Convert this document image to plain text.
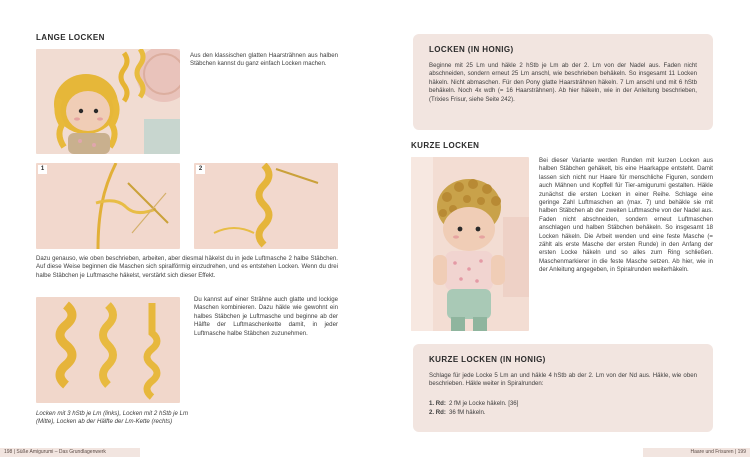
LANGE LOCKEN
Aus den klassischen glatten Haarsträhnen aus halben Stäbchen kannst du ganz einfach Locken machen.
1	2
Dazu genauso, wie oben beschrieben, arbeiten, aber diesmal häkelst du in jede Luftmasche 2 halbe Stäbchen. Auf diese Weise beginnen die Maschen sich spiralförmig einzudrehen, und es entstehen Locken. Wenn du drei halbe Stäbchen je Luftmasche häkelst, verstärkt sich dieser Effekt.
Du kannst auf einer Strähne auch glatte und lockige Maschen kombinieren. Dazu häkle wie gewohnt ein halbes Stäbchen je Luftmasche und beginne ab der Hälfte der Luftmaschenkette damit, in jeder Luftmasche halbe Stäbchen zuzunehmen.
Locken mit 3 hStb je Lm (links), Locken mit 2 hStb je Lm (Mitte), Locken ab der Hälfte der Lm-Kette (rechts)
198 | Süße Amigurumi – Das Grundlagenwerk
LOCKEN (IN HONIG)
Beginne mit 25 Lm und häkle 2 hStb je Lm ab der 2. Lm von der Nadel aus. Faden nicht abschneiden, sondern erneut 25 Lm anschl, wie beschrieben behäkeln. So insgesamt 11 Locken häkeln. Nicht abmaschen. Für den Pony glatte Haarsträhnen häkeln. 7 Lm anschl und mit 6 hStb behäkeln. Noch 4x wdh (= 16 Haarsträhnen). Ab hier häkeln, wie in der Anleitung beschrieben, (Trixies Frisur, siehe Seite 242).
KURZE LOCKEN
Bei dieser Variante werden Runden mit kurzen Locken aus halben Stäbchen gehäkelt, bis eine Haarkappe entsteht. Damit lassen sich nicht nur Haare für menschliche Figuren, sondern auch Mähnen und Kopffell für Tier-amigurumi gestalten. Häkle zunächst die ersten Locken in einer Reihe. Schlage eine geringe Zahl Luftmaschen an (max. 7) und behäkle sie mit halben Stäbchen ab der zweiten Luftmasche von der Nadel aus. Faden nicht abschneiden, sondern erneut Luftmaschen anschlagen und halben Stäbchen behäkeln. So insgesamt 18 Locken häkeln. Die Arbeit wenden und eine feste Masche (= zählt als erste Masche der ersten Runde) in den Anfang der ersten Locke häkeln und so alles zum Ring schließen. Maschenmarkierer in die feste Masche setzen. Ab hier, wie in der Anleitung angegeben, in Spiralrunden weiterhäkeln.
KURZE LOCKEN (IN HONIG)
Schlage für jede Locke 5 Lm an und häkle 4 hStb ab der 2. Lm von der Nd aus. Häkle, wie oben beschrieben. Häkle weiter in Spiralrunden:
1. Rd: 2 fM je Locke häkeln. [36]
2. Rd: 36 fM häkeln.
Haare und Frisuren | 199
